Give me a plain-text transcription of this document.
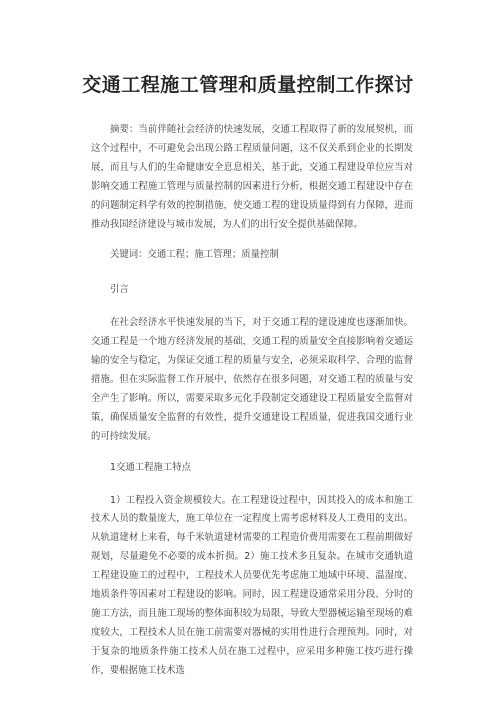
交通工程施工管理和质量控制工作探讨

摘要：当前伴随社会经济的快速发展，交通工程取得了新的发展契机，而这个过程中，不可避免会出现公路工程质量问题，这不仅关系到企业的长期发展，而且与人们的生命健康安全息息相关，基于此，交通工程建设单位应当对影响交通工程施工管理与质量控制的因素进行分析，根据交通工程建设中存在的问题制定科学有效的控制措施，使交通工程的建设质量得到有力保障，进而推动我国经济建设与城市发展，为人们的出行安全提供基础保障。

关键词：交通工程；施工管理；质量控制

引言

在社会经济水平快速发展的当下，对于交通工程的建设速度也逐渐加快。交通工程是一个地方经济发展的基础，交通工程的质量安全直接影响着交通运输的安全与稳定，为保证交通工程的质量与安全，必须采取科学、合理的监督措施。但在实际监督工作开展中，依然存在很多问题，对交通工程的质量与安全产生了影响。所以，需要采取多元化手段制定交通建设工程质量安全监督对策，确保质量安全监督的有效性，提升交通建设工程质量，促进我国交通行业的可持续发展。

1交通工程施工特点

1）工程投入资金规模较大。在工程建设过程中，因其投入的成本和施工技术人员的数量庞大，施工单位在一定程度上需考虑材料及人工费用的支出。从轨道建材上来看，每千米轨道建材需要的工程造价费用需要在工程前期做好规划，尽量避免不必要的成本折损。2）施工技术多且复杂。在城市交通轨道工程建设施工的过程中，工程技术人员要优先考虑施工地域中环境、温湿度、地质条件等因素对工程建设的影响。同时，因工程建设通常采用分段、分时的施工方法，而且施工现场的整体面积较为局限，导致大型器械运输至现场的难度较大，工程技术人员在施工前需要对器械的实用性进行合理预判。同时，对于复杂的地质条件施工技术人员在施工过程中，应采用多种施工技巧进行操作，要根据施工技术选
